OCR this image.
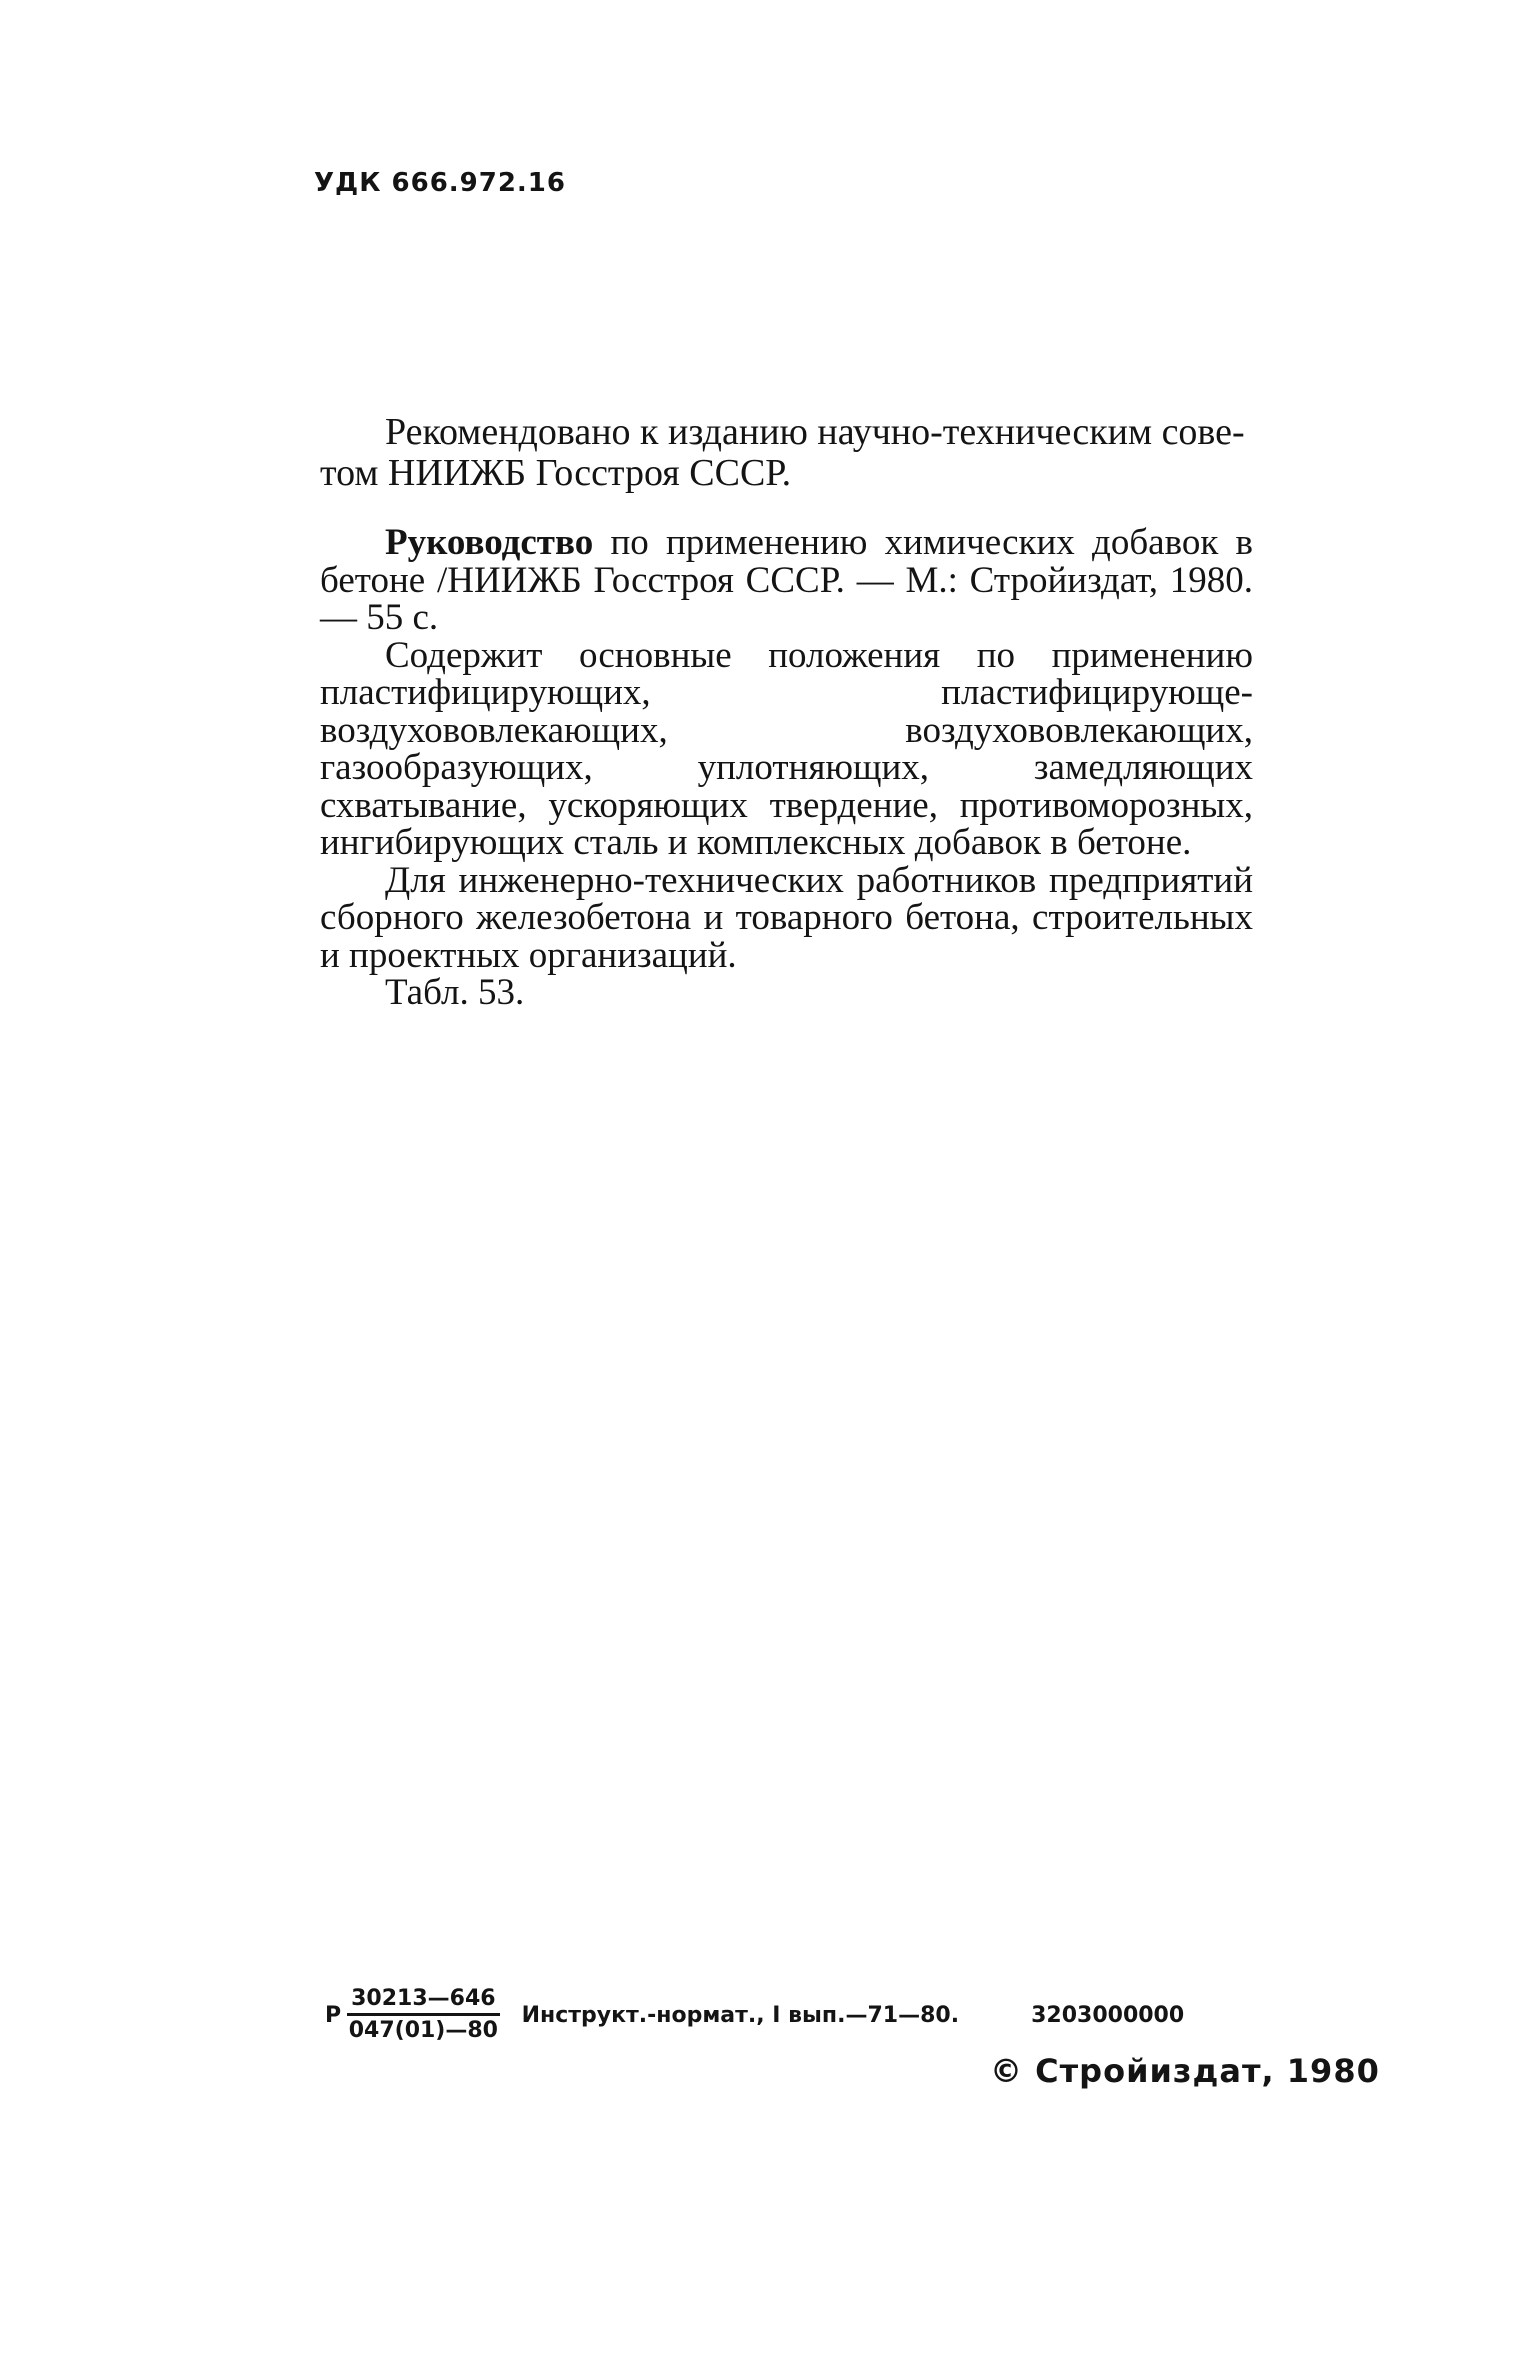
УДК 666.972.16
Рекомендовано к изданию научно-техническим сове-
том НИИЖБ Госстроя СССР.

Руководство по применению химических добавок в бетоне /НИИЖБ Госстроя СССР. — М.: Стройиздат, 1980. — 55 с.

Содержит основные положения по применению пластифицирующих, пластифицирующе-воздухововлекающих, воздухововлекающих, газообразующих, уплотняющих, замедляющих схватывание, ускоряющих твердение, противоморозных, ингибирующих сталь и комплексных добавок в бетоне.

Для инженерно-технических работников предприятий сборного железобетона и товарного бетона, строительных и проектных организаций.

Табл. 53.

Р $\frac{30213—646}{047(01)—80}$ Инструкт.-нормат., I вып.—71—80.	3203000000
© Стройиздат, 1980
